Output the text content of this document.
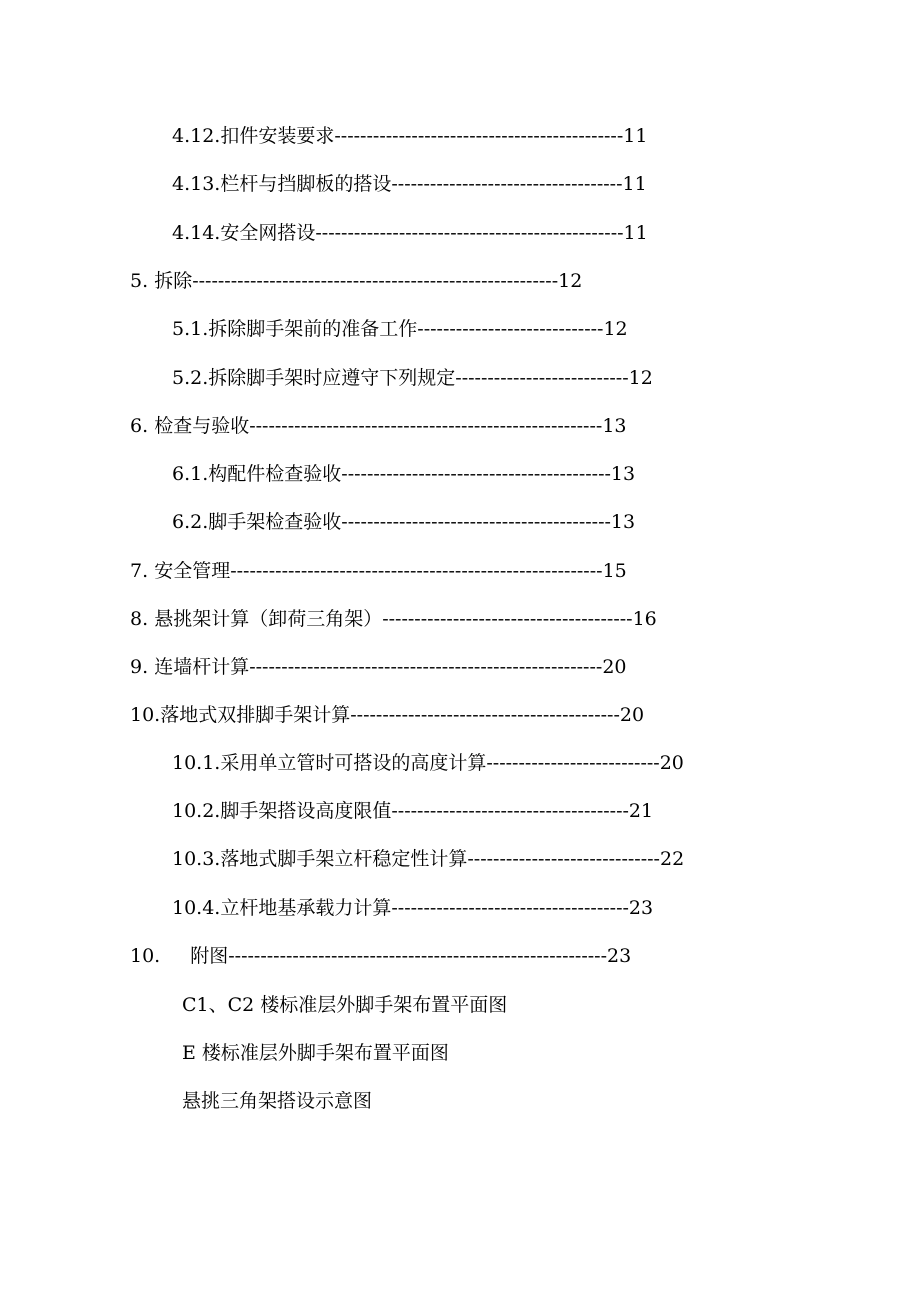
4.12.扣件安装要求---------------------------------------------11
4.13.栏杆与挡脚板的搭设------------------------------------11
4.14.安全网搭设------------------------------------------------11
5. 拆除---------------------------------------------------------12
5.1.拆除脚手架前的准备工作-----------------------------12
5.2.拆除脚手架时应遵守下列规定---------------------------12
6. 检查与验收-------------------------------------------------------13
6.1.构配件检查验收------------------------------------------13
6.2.脚手架检查验收------------------------------------------13
7. 安全管理----------------------------------------------------------15
8. 悬挑架计算（卸荷三角架）---------------------------------------16
9. 连墙杆计算-------------------------------------------------------20
10.落地式双排脚手架计算------------------------------------------20
10.1.采用单立管时可搭设的高度计算---------------------------20
10.2.脚手架搭设高度限值-------------------------------------21
10.3.落地式脚手架立杆稳定性计算------------------------------22
10.4.立杆地基承载力计算-------------------------------------23
10. 附图-----------------------------------------------------------23
C1、C2 楼标准层外脚手架布置平面图
E 楼标准层外脚手架布置平面图
悬挑三角架搭设示意图
